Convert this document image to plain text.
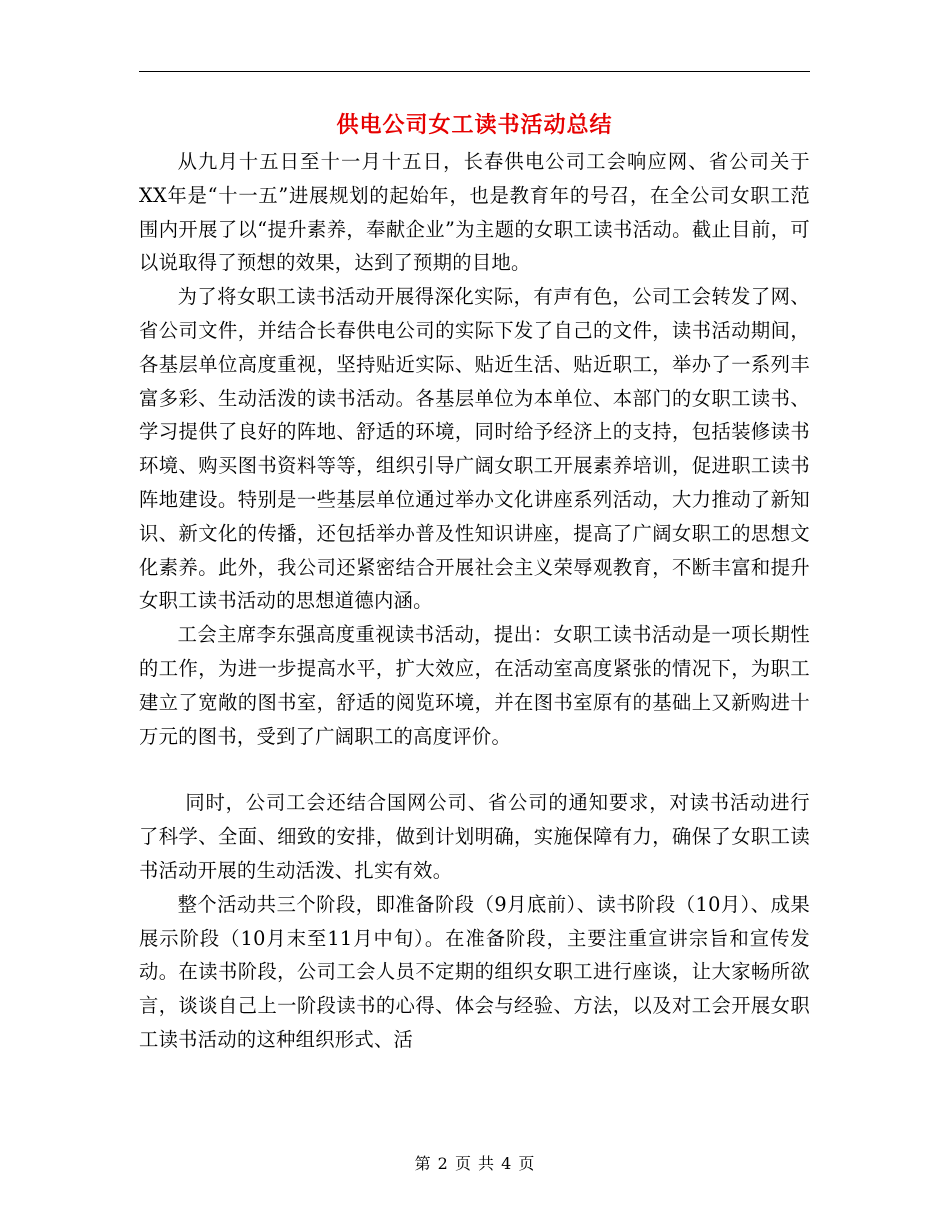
供电公司女工读书活动总结

从九月十五日至十一月十五日，长春供电公司工会响应网、省公司关于XX年是“十一五”进展规划的起始年，也是教育年的号召，在全公司女职工范围内开展了以“提升素养，奉献企业”为主题的女职工读书活动。截止目前，可以说取得了预想的效果，达到了预期的目地。

为了将女职工读书活动开展得深化实际，有声有色，公司工会转发了网、省公司文件，并结合长春供电公司的实际下发了自己的文件，读书活动期间，各基层单位高度重视，坚持贴近实际、贴近生活、贴近职工，举办了一系列丰富多彩、生动活泼的读书活动。各基层单位为本单位、本部门的女职工读书、学习提供了良好的阵地、舒适的环境，同时给予经济上的支持，包括装修读书环境、购买图书资料等等，组织引导广阔女职工开展素养培训，促进职工读书阵地建设。特别是一些基层单位通过举办文化讲座系列活动，大力推动了新知识、新文化的传播，还包括举办普及性知识讲座，提高了广阔女职工的思想文化素养。此外，我公司还紧密结合开展社会主义荣辱观教育，不断丰富和提升女职工读书活动的思想道德内涵。

工会主席李东强高度重视读书活动，提出：女职工读书活动是一项长期性的工作，为进一步提高水平，扩大效应，在活动室高度紧张的情况下，为职工建立了宽敞的图书室，舒适的阅览环境，并在图书室原有的基础上又新购进十万元的图书，受到了广阔职工的高度评价。

同时，公司工会还结合国网公司、省公司的通知要求，对读书活动进行了科学、全面、细致的安排，做到计划明确，实施保障有力，确保了女职工读书活动开展的生动活泼、扎实有效。

整个活动共三个阶段，即准备阶段（9月底前）、读书阶段（10月）、成果展示阶段（10月末至11月中旬）。在准备阶段，主要注重宣讲宗旨和宣传发动。在读书阶段，公司工会人员不定期的组织女职工进行座谈，让大家畅所欲言，谈谈自己上一阶段读书的心得、体会与经验、方法，以及对工会开展女职工读书活动的这种组织形式、活

第 2 页 共 4 页
